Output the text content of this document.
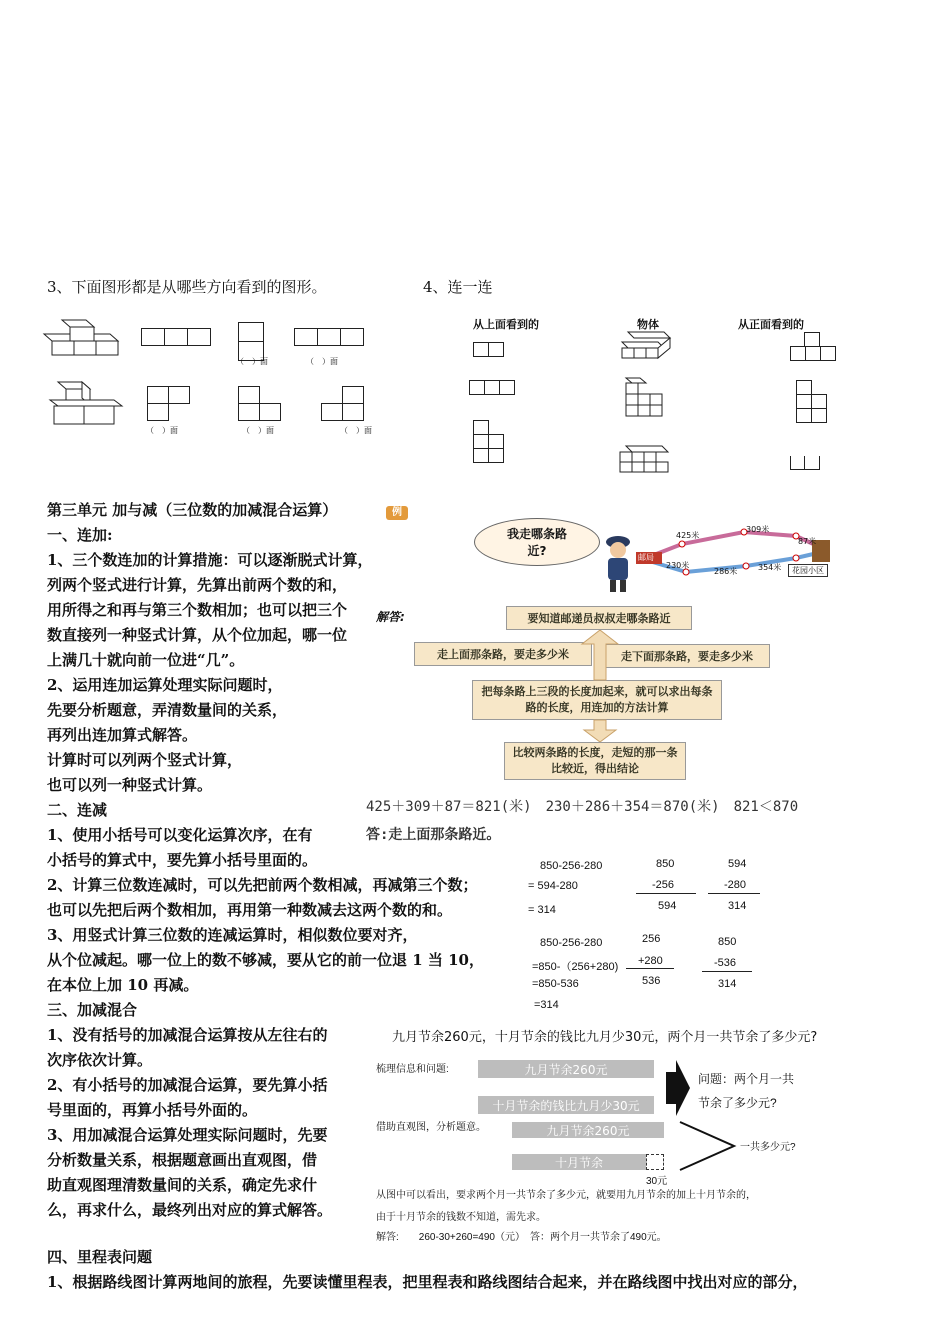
3、下面图形都是从哪些方向看到的图形。
（　）面	（　）面
（　）面	（　）面	（　）面
4、连一连
从上面看到的	物体	从正面看到的
第三单元 加与减（三位数的加减混合运算）
一、连加:
1、三个数连加的计算措施：可以逐渐脱式计算，
列两个竖式进行计算，先算出前两个数的和，
用所得之和再与第三个数相加；也可以把三个
数直接列一种竖式计算，从个位加起，哪一位
上满几十就向前一位进“几”。
2、运用连加运算处理实际问题时，
先要分析题意，弄清数量间的关系，
再列出连加算式解答。
计算时可以列两个竖式计算，
也可以列一种竖式计算。
二、连减
1、使用小括号可以变化运算次序，在有
小括号的算式中，要先算小括号里面的。
2、计算三位数连减时，可以先把前两个数相减，再减第三个数；
也可以先把后两个数相加，再用第一种数减去这两个数的和。
3、用竖式计算三位数的连减运算时，相似数位要对齐，
从个位减起。哪一位上的数不够减，要从它的前一位退 1 当 10，
在本位上加 10 再减。
三、加减混合
1、没有括号的加减混合运算按从左往右的
次序依次计算。
2、有小括号的加减混合运算，要先算小括
号里面的，再算小括号外面的。
3、用加减混合运算处理实际问题时，先要
分析数量关系，根据题意画出直观图，借
助直观图理清数量间的关系，确定先求什
么，再求什么，最终列出对应的算式解答。
四、里程表问题
1、根据路线图计算两地间的旅程，先要读懂里程表，把里程表和路线图结合起来，并在路线图中找出对应的部分，
例
我走哪条路近?
425米
309米
87米
230米
286米	354米
邮局
花园小区
解答:	要知道邮递员叔叔走哪条路近
走上面那条路，要走多少米	走下面那条路，要走多少米
把每条路上三段的长度加起来，就可以求出每条路的长度，用连加的方法计算
比较两条路的长度，走短的那一条比较近，得出结论
425＋309＋87＝821(米)　230＋286＋354＝870(米)　821＜870
答:走上面那条路近。
850-256-280
= 594-280
= 314
850
-256
594
594
-280
314
850-256-280
=850-（256+280)
=850-536
=314
256
+280
536
850
-536
314
九月节余260元，十月节余的钱比九月少30元，两个月一共节余了多少元?
梳理信息和问题:	九月节余260元
十月节余的钱比九月少30元
问题：两个月一共
节余了多少元?
借助直观图，分析题意。	九月节余260元
十月节余
30元
一共多少元?
从图中可以看出，要求两个月一共节余了多少元，就要用九月节余的加上十月节余的，
由于十月节余的钱数不知道，需先求。
解答:　　260-30+260=490（元）　答：两个月一共节余了490元。
